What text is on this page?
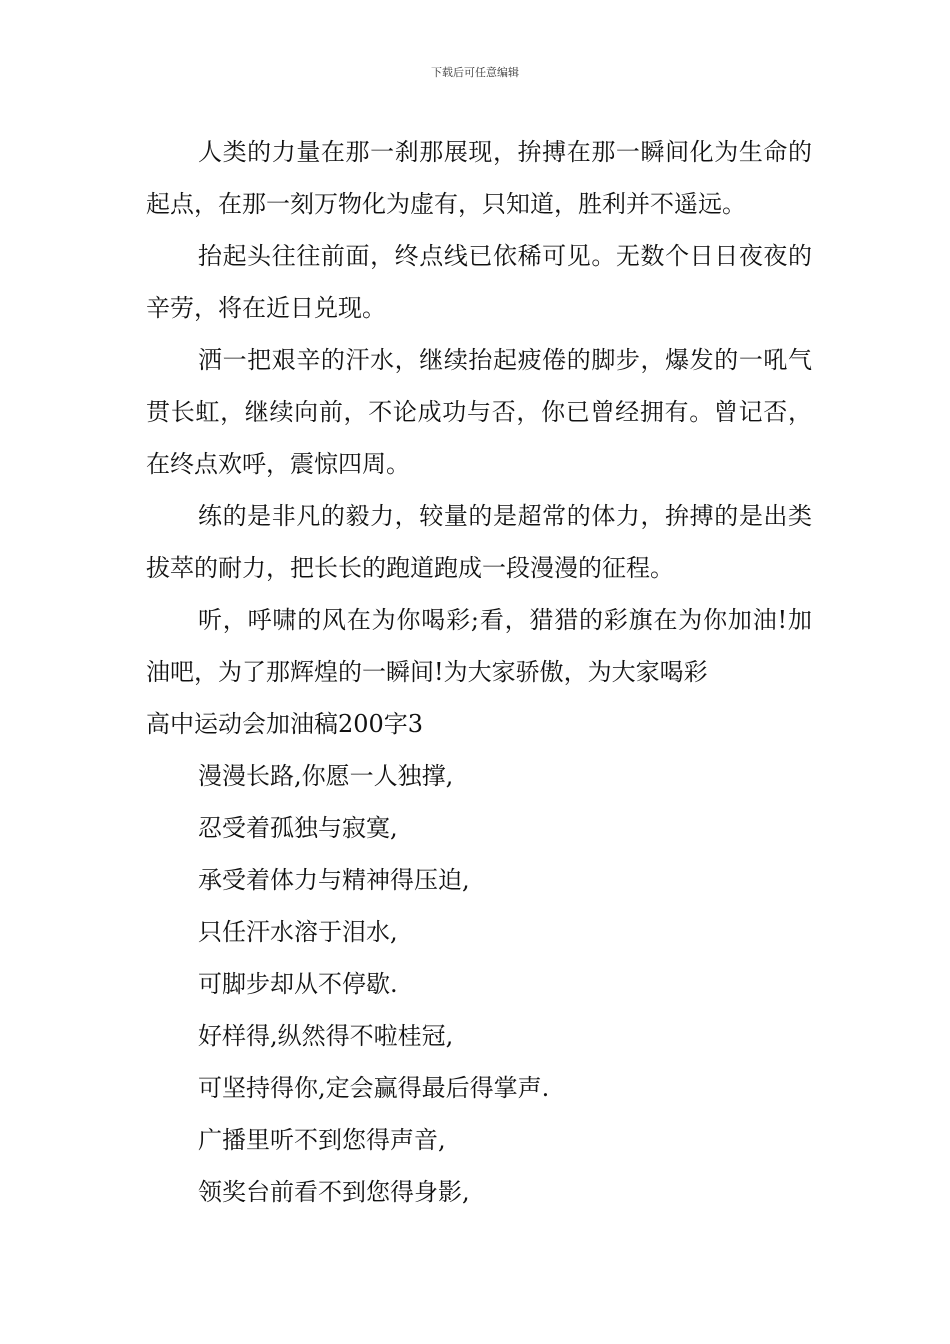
下载后可任意编辑

人类的力量在那一刹那展现，拚搏在那一瞬间化为生命的起点，在那一刻万物化为虚有，只知道，胜利并不遥远。

抬起头往往前面，终点线已依稀可见。无数个日日夜夜的辛劳，将在近日兑现。

洒一把艰辛的汗水，继续抬起疲倦的脚步，爆发的一吼气贯长虹，继续向前，不论成功与否，你已曾经拥有。曾记否，在终点欢呼，震惊四周。

练的是非凡的毅力，较量的是超常的体力，拚搏的是出类拔萃的耐力，把长长的跑道跑成一段漫漫的征程。

听，呼啸的风在为你喝彩;看，猎猎的彩旗在为你加油!加油吧，为了那辉煌的一瞬间!为大家骄傲，为大家喝彩

高中运动会加油稿200字3

漫漫长路,你愿一人独撑,

忍受着孤独与寂寞,

承受着体力与精神得压迫,

只任汗水溶于泪水,

可脚步却从不停歇.

好样得,纵然得不啦桂冠,

可坚持得你,定会赢得最后得掌声.

广播里听不到您得声音,

领奖台前看不到您得身影,
